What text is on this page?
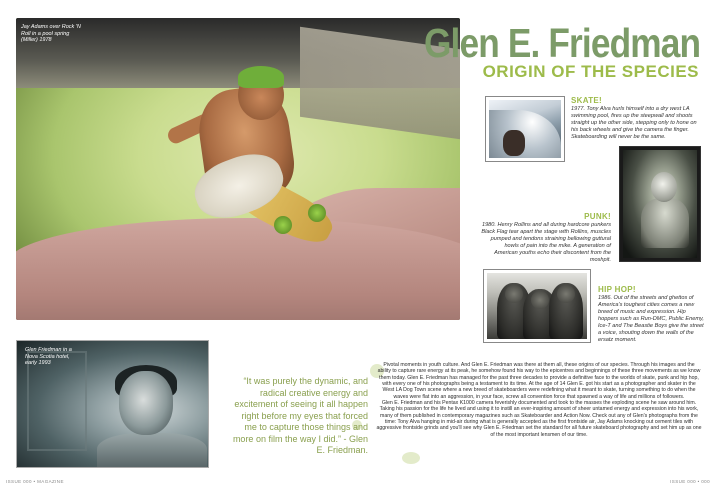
Jay Adams over Rock 'N Roll in a pool spring (Miller) 1978	Glen E. Friedman
ORIGIN OF THE SPECIES
SKATE!
1977. Tony Alva hurls himself into a dry west LA swimming pool, fires up the steepwall and shoots straight up the other side, stepping only to hone on his back wheels and give the camera the finger. Skateboarding will never be the same.
PUNK!
1980. Henry Rollins and all during hardcore punkers Black Flag tear apart the stage with Rollins, muscles pumped and tendons straining bellowing guttural howls of pain into the mike. A generation of American youths echo their discontent from the moshpit.
HIP HOP!
1986. Out of the streets and ghettos of America's toughest cities comes a new breed of music and expression. Hip hoppers such as Run-DMC, Public Enemy, Ice-T and The Beastie Boys give the street a voice, shouting down the walls of the ersatz moment.
Glen Friedman in a Nova Scotia hotel, early 1993
“It was purely the dynamic, and radical creative energy and excitement of seeing it all happen right before my eyes that forced me to capture those things and more on film the way I did.” - Glen E. Friedman.

Pivotal moments in youth culture. And Glen E. Friedman was there at them all, these origins of our species. Through his images and the ability to capture rare energy at its peak, he somehow found his way to the epicentres and beginnings of these three movements as we know them today. Glen E. Friedman has managed for the past three decades to provide a definitive face to the worlds of skate, punk and hip hop, with every one of his photographs being a testament to its time. At the age of 14 Glen E. got his start as a photographer and skater in the West LA Dog Town scene where a new breed of skateboarders were redefining what it meant to skate, turning something to do when the waves were flat into an aggression, in your face, screw all convention force that spawned a way of life and millions of followers.

Glen E. Friedman and his Pentax K1000 camera feverishly documented and took to the masses the exploding scene he saw around him. Taking his passion for the life he lived and using it to instill an ever-inspiring amount of sheer untamed energy and expression into his work, many of them published in contemporary magazines such as Skateboarder and Action Now. Check out any of Glen's photographs from the time: Tony Alva hanging in mid-air during what is generally accepted as the first frontside air, Jay Adams knocking out cement tiles with aggressive frontside grinds and you'll see why Glen E. Friedman set the standard for all future skateboard photography and set him up as one of the most important lensmen of our time.

ISSUE 000 • MAGAZINE	ISSUE 000 • 000
